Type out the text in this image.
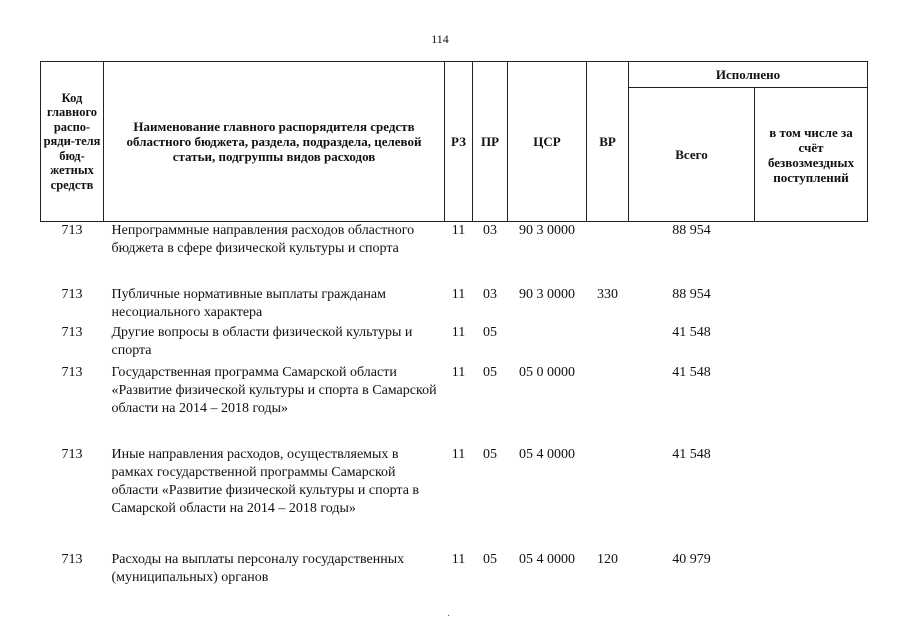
114
Код главного распо-ряди-теля бюд-жетных средств	Наименование главного распорядителя средств областного бюджета, раздела, подраздела, целевой статьи, подгруппы видов расходов	РЗ	ПР	ЦСР	ВР	Исполнено	
						Всего	в том числе за счёт безвозмездных поступлений
713	Непрограммные направления расходов областного бюджета в сфере физической культуры и спорта	11	03	90 3 0000		88 954	
713	Публичные нормативные выплаты гражданам несоциального характера	11	03	90 3 0000	330	88 954	
713	Другие вопросы в области физической культуры и спорта	11	05			41 548	
713	Государственная программа Самарской области «Развитие физической культуры и спорта в Самарской области на 2014 – 2018 годы»	11	05	05 0 0000		41 548	
713	Иные направления расходов, осуществляемых в рамках государственной программы Самарской области «Развитие физической культуры и спорта в Самарской области на 2014 – 2018 годы»	11	05	05 4 0000		41 548	
713	Расходы на выплаты персоналу государственных (муниципальных) органов	11	05	05 4 0000	120	40 979	
·
